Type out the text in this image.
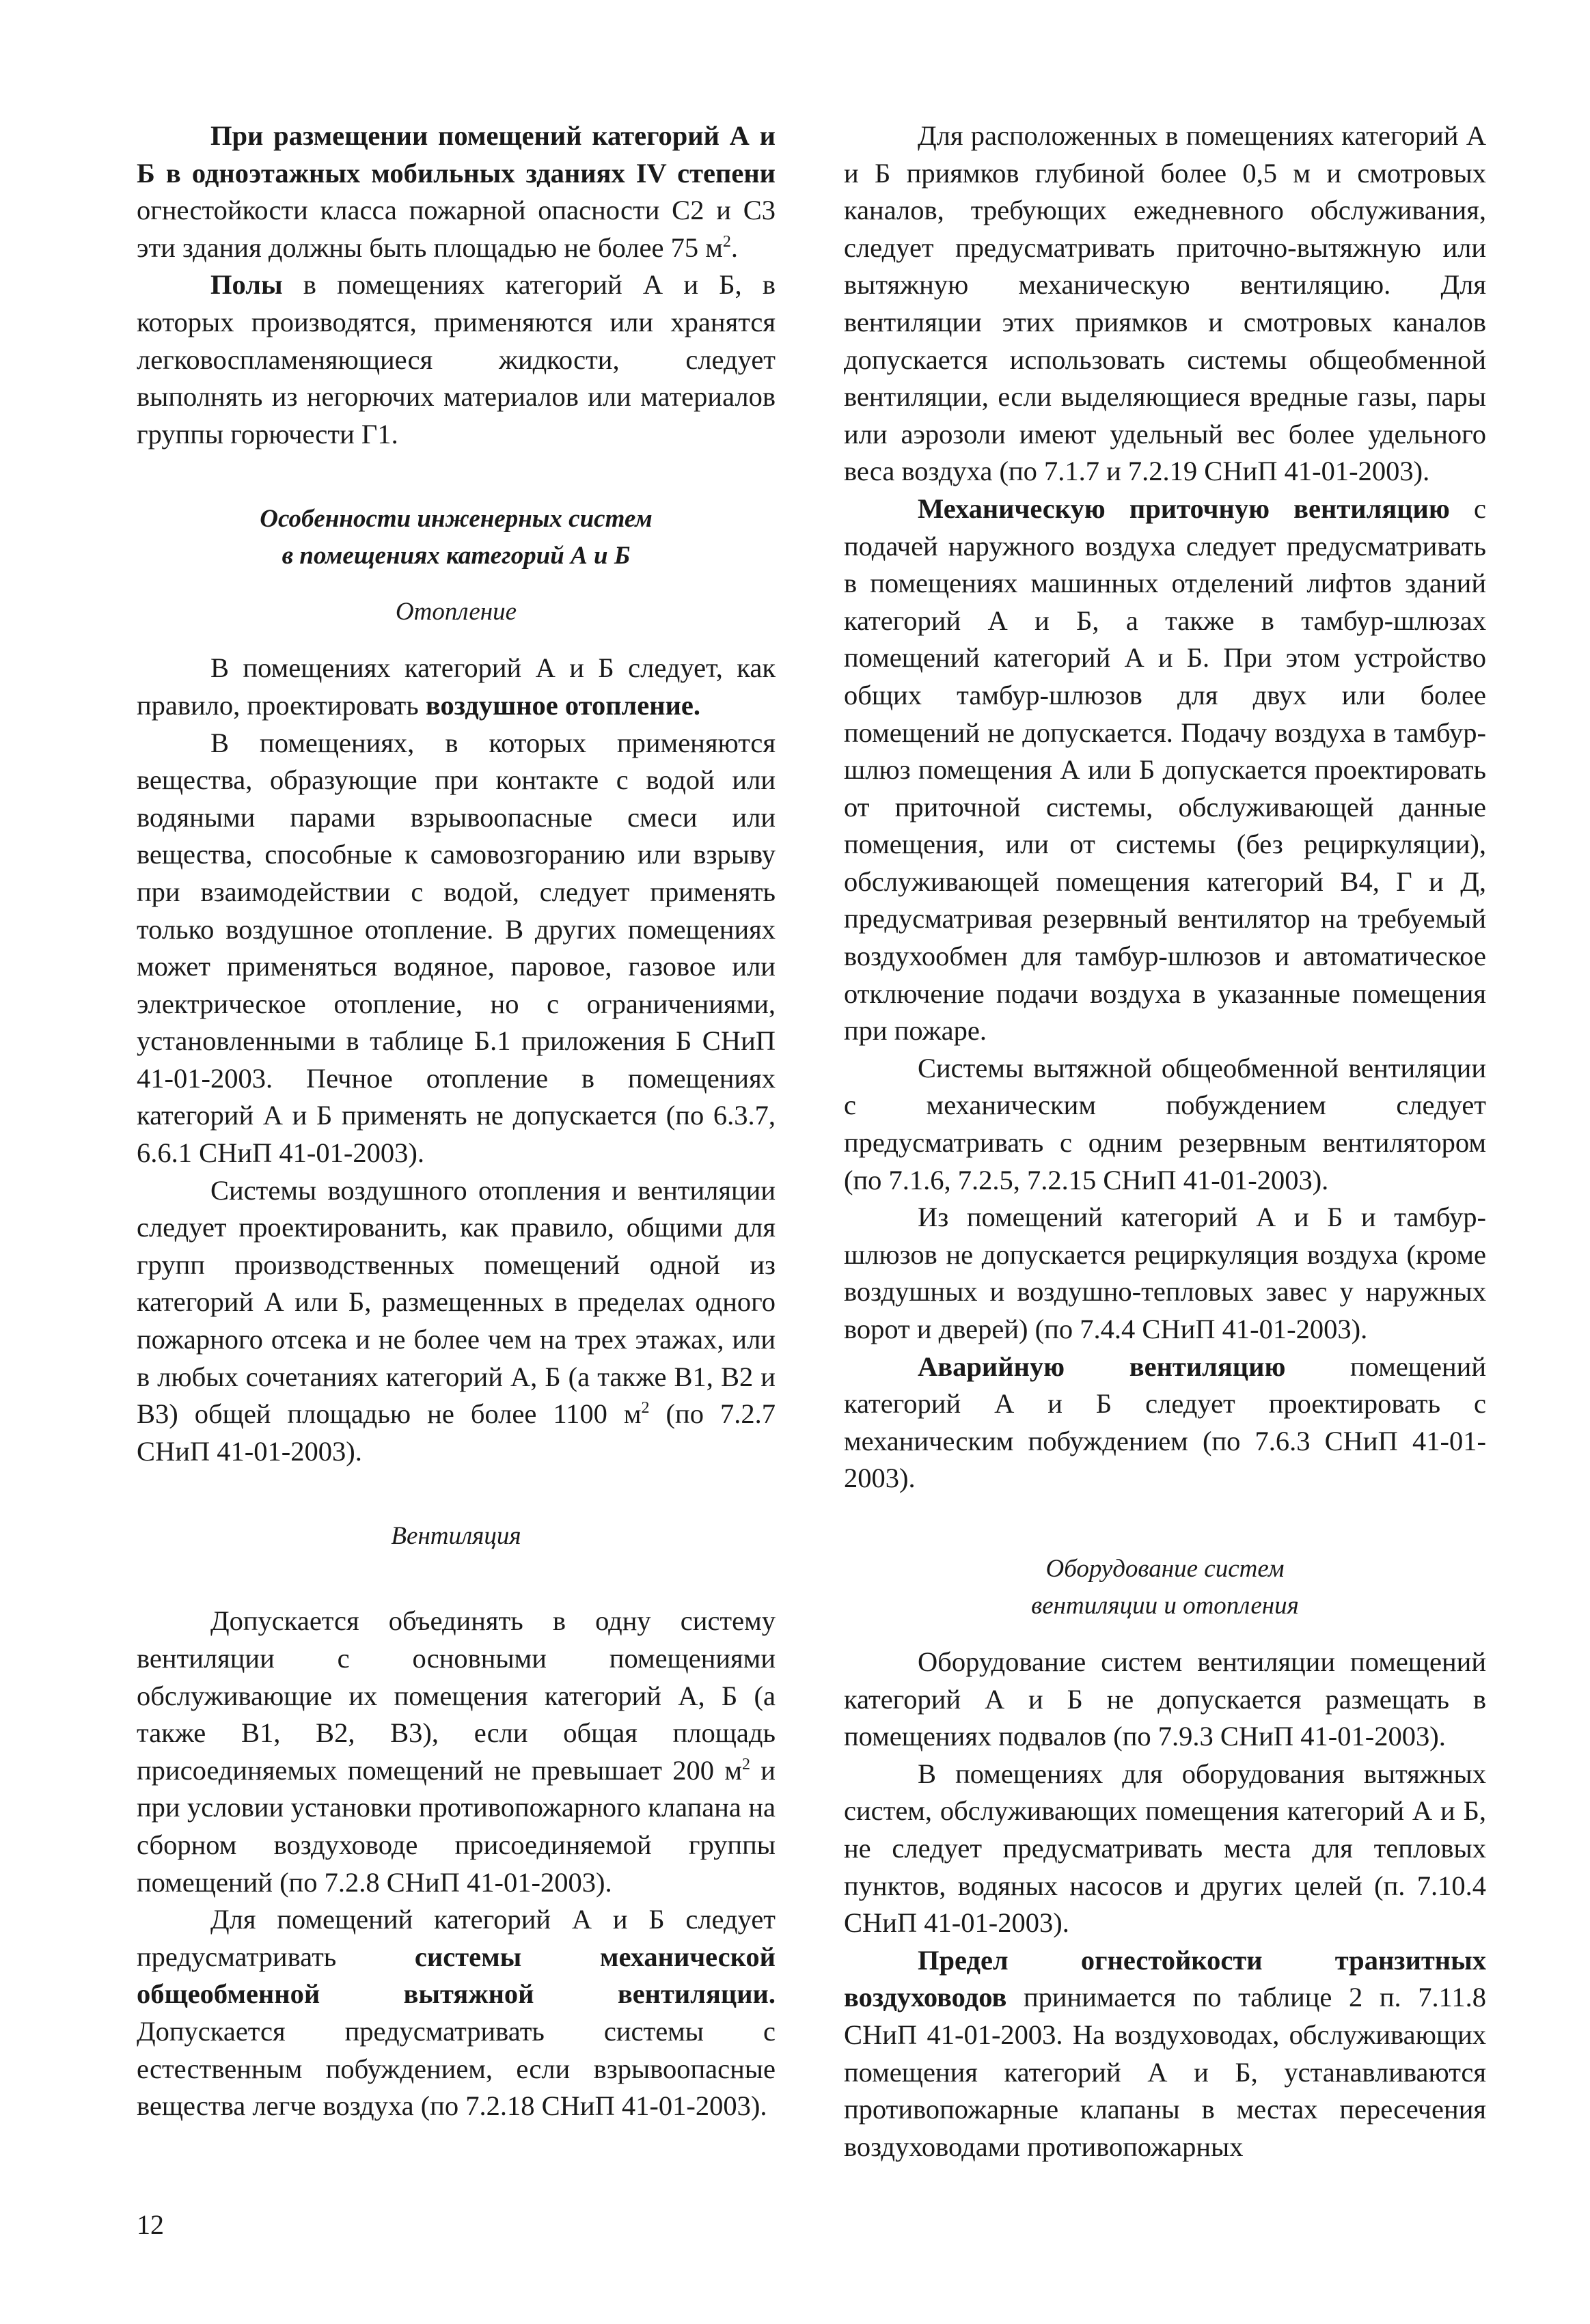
При размещении помещений категорий А и Б в одноэтажных мобильных зданиях IV степени огнестойкости класса пожарной опасности С2 и С3 эти здания должны быть площадью не более 75 $м^2$.

Полы в помещениях категорий А и Б, в которых производятся, применяются или хранятся легковоспламеняющиеся жидкости, следует выполнять из негорючих материалов или материалов группы горючести Г1.

Особенности инженерных систем
в помещениях категорий А и Б
Отопление

В помещениях категорий А и Б следует, как правило, проектировать воздушное отопление.

В помещениях, в которых применяются вещества, образующие при контакте с водой или водяными парами взрывоопасные смеси или вещества, способные к самовозгоранию или взрыву при взаимодействии с водой, следует применять только воздушное отопление. В других помещениях может применяться водяное, паровое, газовое или электрическое отопление, но с ограничениями, установленными в таблице Б.1 приложения Б СНиП 41-01-2003. Печное отопление в помещениях категорий А и Б применять не допускается (по 6.3.7, 6.6.1 СНиП 41-01-2003).

Системы воздушного отопления и вентиляции следует проектированить, как правило, общими для групп производственных помещений одной из категорий А или Б, размещенных в пределах одного пожарного отсека и не более чем на трех этажах, или в любых сочетаниях категорий А, Б (а также В1, В2 и В3) общей площадью не более 1100 $м^2$ (по 7.2.7 СНиП 41-01-2003).

Вентиляция

Допускается объединять в одну систему вентиляции с основными помещениями обслуживающие их помещения категорий А, Б (а также В1, В2, В3), если общая площадь присоединяемых помещений не превышает 200 $м^2$ и при условии установки противопожарного клапана на сборном воздуховоде присоединяемой группы помещений (по 7.2.8 СНиП 41-01-2003).

Для помещений категорий А и Б следует предусматривать системы механической общеобменной вытяжной вентиляции. Допускается предусматривать системы с естественным побуждением, если взрывоопасные вещества легче воздуха (по 7.2.18 СНиП 41-01-2003).

Для расположенных в помещениях категорий А и Б приямков глубиной более 0,5 м и смотровых каналов, требующих ежедневного обслуживания, следует предусматривать приточно-вытяжную или вытяжную механическую вентиляцию. Для вентиляции этих приямков и смотровых каналов допускается использовать системы общеобменной вентиляции, если выделяющиеся вредные газы, пары или аэрозоли имеют удельный вес более удельного веса воздуха (по 7.1.7 и 7.2.19 СНиП 41-01-2003).

Механическую приточную вентиляцию с подачей наружного воздуха следует предусматривать в помещениях машинных отделений лифтов зданий категорий А и Б, а также в тамбур-шлюзах помещений категорий А и Б. При этом устройство общих тамбур-шлюзов для двух или более помещений не допускается. Подачу воздуха в тамбур-шлюз помещения А или Б допускается проектировать от приточной системы, обслуживающей данные помещения, или от системы (без рециркуляции), обслуживающей помещения категорий В4, Г и Д, предусматривая резервный вентилятор на требуемый воздухообмен для тамбур-шлюзов и автоматическое отключение подачи воздуха в указанные помещения при пожаре.

Системы вытяжной общеобменной вентиляции с механическим побуждением следует предусматривать с одним резервным вентилятором (по 7.1.6, 7.2.5, 7.2.15 СНиП 41-01-2003).

Из помещений категорий А и Б и тамбур-шлюзов не допускается рециркуляция воздуха (кроме воздушных и воздушно-тепловых завес у наружных ворот и дверей) (по 7.4.4 СНиП 41-01-2003).

Аварийную вентиляцию помещений категорий А и Б следует проектировать с механическим побуждением (по 7.6.3 СНиП 41-01-2003).

Оборудование систем
вентиляции и отопления

Оборудование систем вентиляции помещений категорий А и Б не допускается размещать в помещениях подвалов (по 7.9.3 СНиП 41-01-2003).

В помещениях для оборудования вытяжных систем, обслуживающих помещения категорий А и Б, не следует предусматривать места для тепловых пунктов, водяных насосов и других целей (п. 7.10.4 СНиП 41-01-2003).

Предел огнестойкости транзитных воздуховодов принимается по таблице 2 п. 7.11.8 СНиП 41-01-2003. На воздуховодах, обслуживающих помещения категорий А и Б, устанавливаются противопожарные клапаны в местах пересечения воздуховодами противопожарных

12
